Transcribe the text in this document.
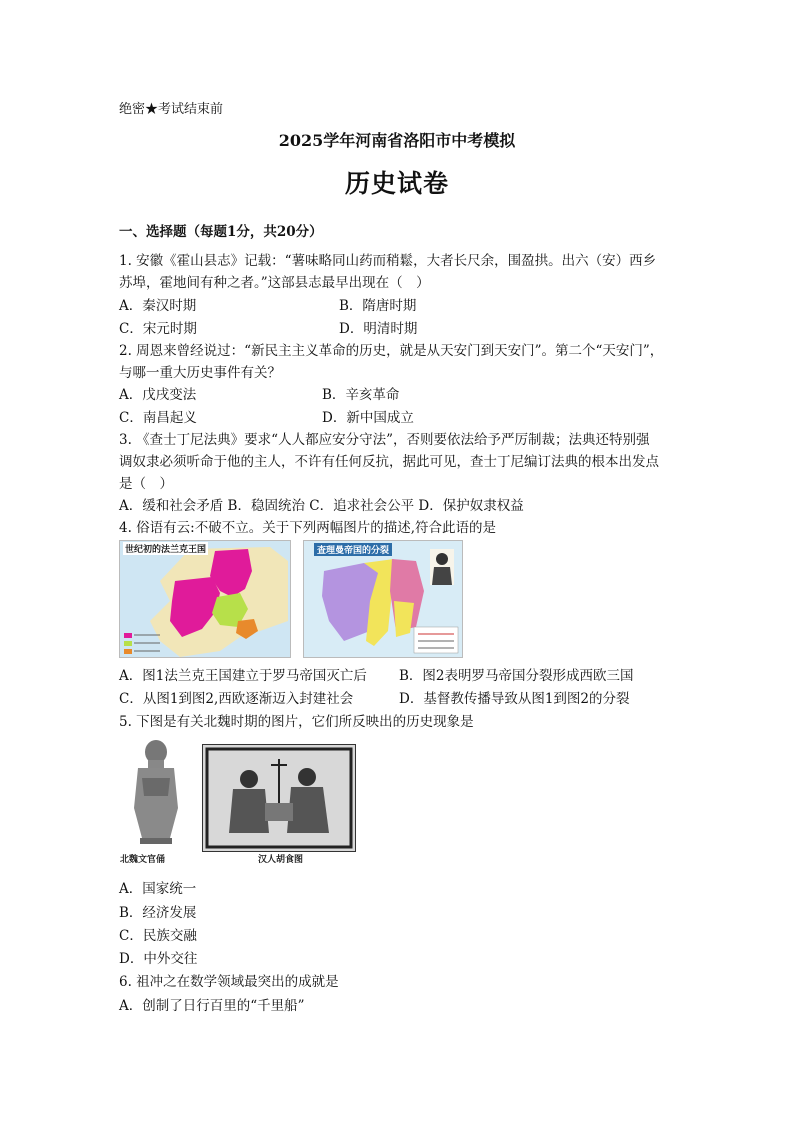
绝密★考试结束前
2025学年河南省洛阳市中考模拟
历史试卷
一、选择题（每题1分，共20分）
1. 安徽《霍山县志》记载：“薯味略同山药而稍鬆，大者长尺余，围盈拱。出六（安）西乡
苏埠，霍地间有种之者。”这部县志最早出现在（　）
A．秦汉时期	B．隋唐时期
C．宋元时期	D．明清时期
2. 周恩来曾经说过：“新民主主义革命的历史，就是从天安门到天安门”。第二个“天安门”，
与哪一重大历史事件有关？
A．戊戌变法	B．辛亥革命
C．南昌起义	D．新中国成立
3. 《查士丁尼法典》要求“人人都应安分守法”，否则要依法给予严厉制裁；法典还特别强
调奴隶必须听命于他的主人，不许有任何反抗，据此可见，查士丁尼编订法典的根本出发点
是（　）
A．缓和社会矛盾 B．稳固统治 C．追求社会公平 D．保护奴隶权益
4. 俗语有云:不破不立。关于下列两幅图片的描述,符合此语的是
世纪初的法兰克王国	查理曼帝国的分裂
A．图1法兰克王国建立于罗马帝国灭亡后 B．图2表明罗马帝国分裂形成西欧三国
C．从图1到图2,西欧逐渐迈入封建社会	D．基督教传播导致从图1到图2的分裂
5. 下图是有关北魏时期的图片，它们所反映出的历史现象是
北魏文官俑	汉人胡食图
A．国家统一
B．经济发展
C．民族交融
D．中外交往
6. 祖冲之在数学领域最突出的成就是
A．创制了日行百里的“千里船”
